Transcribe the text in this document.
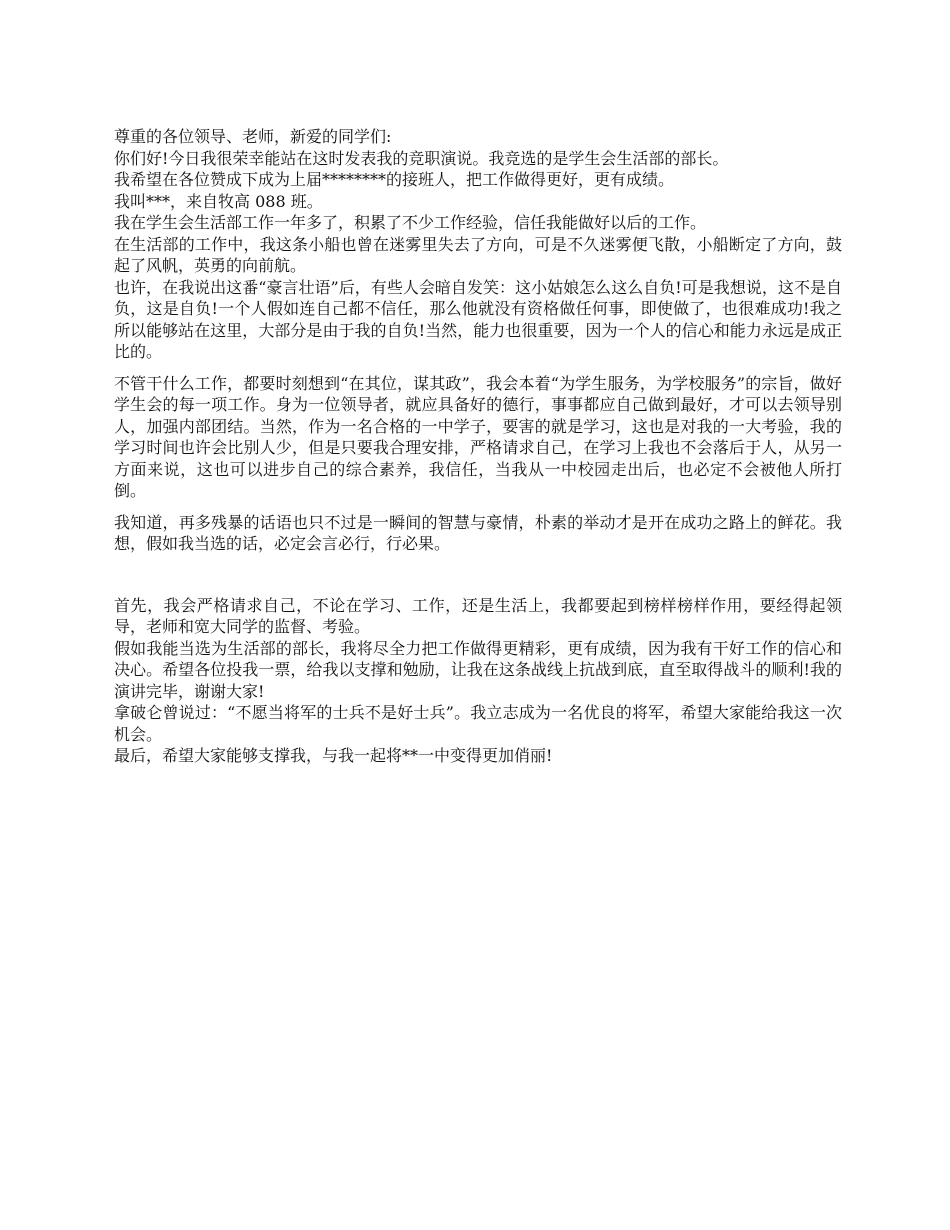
尊重的各位领导、老师，新爱的同学们:

你们好!今日我很荣幸能站在这时发表我的竞职演说。我竞选的是学生会生活部的部长。

我希望在各位赞成下成为上届********的接班人，把工作做得更好，更有成绩。

我叫***，来自牧高 088 班。

我在学生会生活部工作一年多了，积累了不少工作经验，信任我能做好以后的工作。

在生活部的工作中，我这条小船也曾在迷雾里失去了方向，可是不久迷雾便飞散，小船断定了方向，鼓起了风帆，英勇的向前航。

也许，在我说出这番“豪言壮语”后，有些人会暗自发笑：这小姑娘怎么这么自负!可是我想说，这不是自负，这是自负!一个人假如连自己都不信任，那么他就没有资格做任何事，即使做了，也很难成功!我之所以能够站在这里，大部分是由于我的自负!当然，能力也很重要，因为一个人的信心和能力永远是成正比的。

不管干什么工作，都要时刻想到“在其位，谋其政”，我会本着“为学生服务，为学校服务”的宗旨，做好学生会的每一项工作。身为一位领导者，就应具备好的德行，事事都应自己做到最好，才可以去领导别人，加强内部团结。当然，作为一名合格的一中学子，要害的就是学习，这也是对我的一大考验，我的学习时间也许会比别人少，但是只要我合理安排，严格请求自己，在学习上我也不会落后于人，从另一方面来说，这也可以进步自己的综合素养，我信任，当我从一中校园走出后，也必定不会被他人所打倒。

我知道，再多残暴的话语也只不过是一瞬间的智慧与豪情，朴素的举动才是开在成功之路上的鲜花。我想，假如我当选的话，必定会言必行，行必果。

首先，我会严格请求自己，不论在学习、工作，还是生活上，我都要起到榜样榜样作用，要经得起领导，老师和宽大同学的监督、考验。

假如我能当选为生活部的部长，我将尽全力把工作做得更精彩，更有成绩，因为我有干好工作的信心和决心。希望各位投我一票，给我以支撑和勉励，让我在这条战线上抗战到底，直至取得战斗的顺利!我的演讲完毕，谢谢大家!

拿破仑曾说过：“不愿当将军的士兵不是好士兵”。我立志成为一名优良的将军，希望大家能给我这一次机会。

最后，希望大家能够支撑我，与我一起将**一中变得更加俏丽!
